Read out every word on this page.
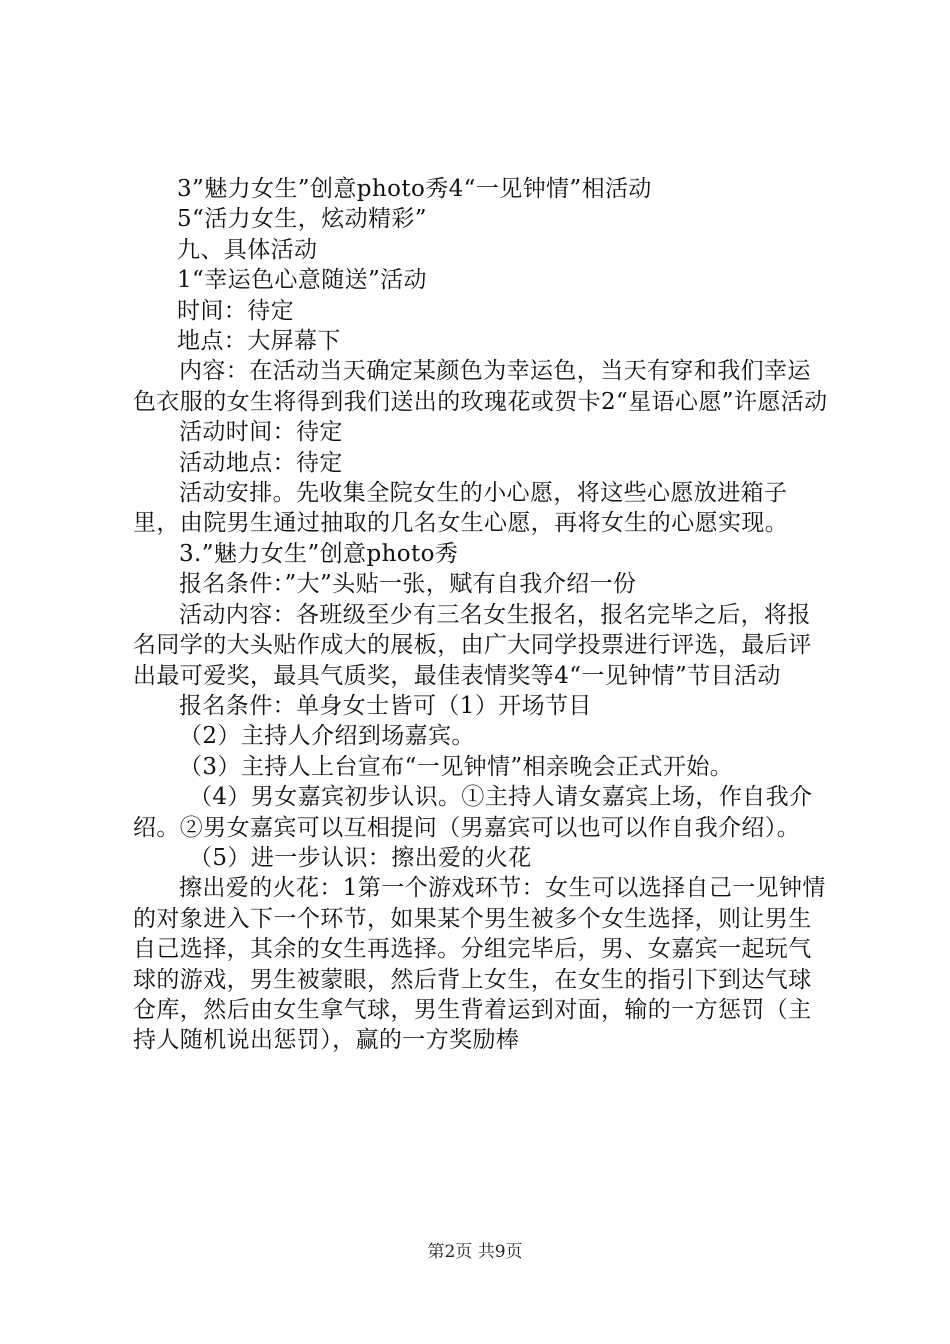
3”魅力女生”创意photo秀4“一见钟情”相活动

5“活力女生，炫动精彩”

九、具体活动

1“幸运色心意随送”活动

时间：待定

地点：大屏幕下

内容：在活动当天确定某颜色为幸运色，当天有穿和我们幸运色衣服的女生将得到我们送出的玫瑰花或贺卡2“星语心愿”许愿活动

活动时间：待定

活动地点：待定

活动安排。先收集全院女生的小心愿，将这些心愿放进箱子里，由院男生通过抽取的几名女生心愿，再将女生的心愿实现。

3.”魅力女生”创意photo秀

报名条件：”大”头贴一张，赋有自我介绍一份

活动内容：各班级至少有三名女生报名，报名完毕之后，将报名同学的大头贴作成大的展板，由广大同学投票进行评选，最后评出最可爱奖，最具气质奖，最佳表情奖等4“一见钟情”节目活动

报名条件：单身女士皆可（1）开场节目

（2）主持人介绍到场嘉宾。

（3）主持人上台宣布“一见钟情”相亲晚会正式开始。

（4）男女嘉宾初步认识。①主持人请女嘉宾上场，作自我介绍。②男女嘉宾可以互相提问（男嘉宾可以也可以作自我介绍）。

（5）进一步认识：擦出爱的火花

擦出爱的火花：1第一个游戏环节：女生可以选择自己一见钟情的对象进入下一个环节，如果某个男生被多个女生选择，则让男生自己选择，其余的女生再选择。分组完毕后，男、女嘉宾一起玩气球的游戏，男生被蒙眼，然后背上女生，在女生的指引下到达气球仓库，然后由女生拿气球，男生背着运到对面，输的一方惩罚（主持人随机说出惩罚），赢的一方奖励棒

第2页 共9页
